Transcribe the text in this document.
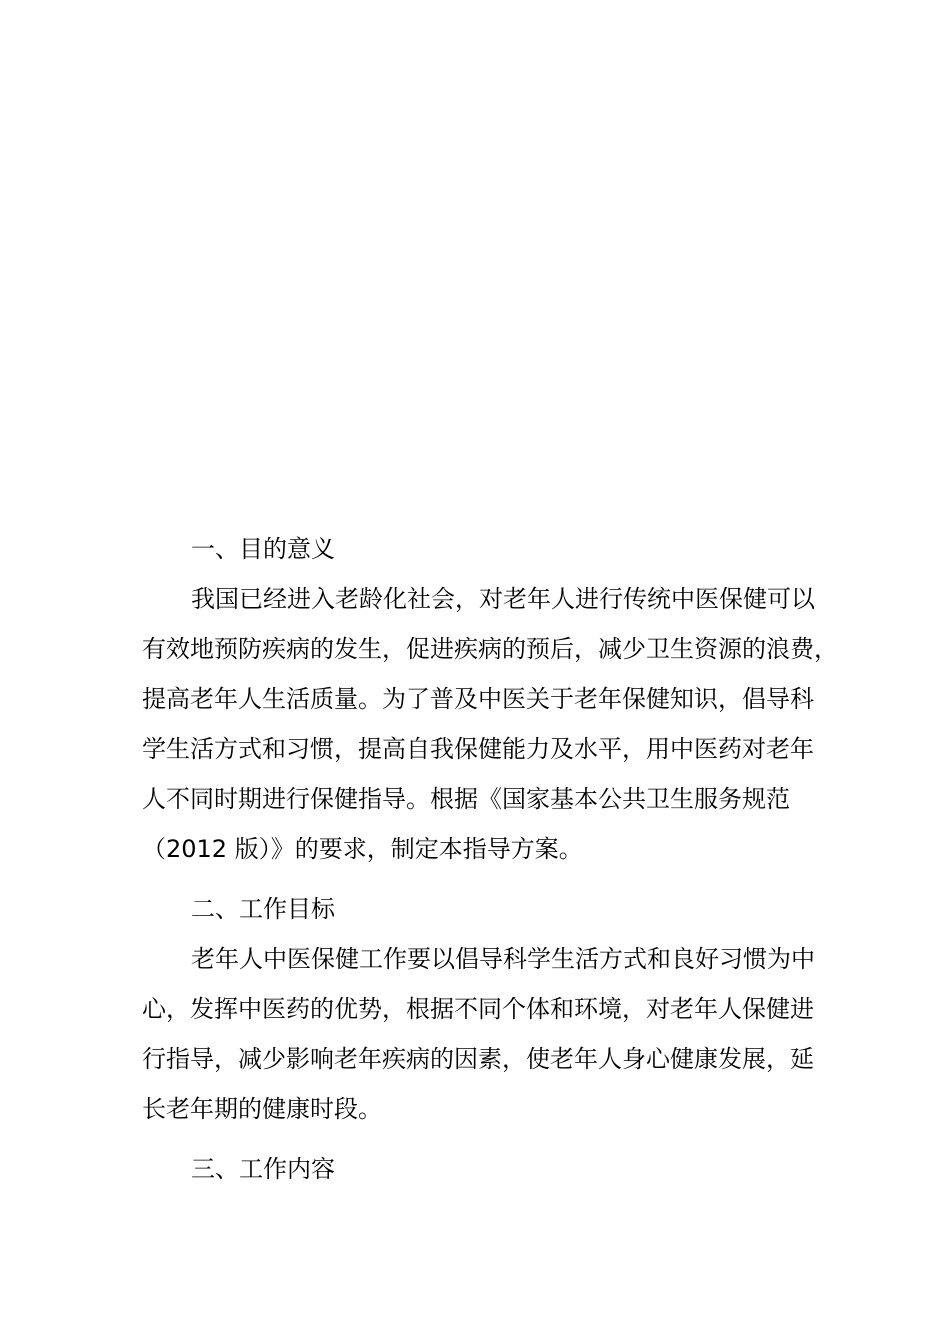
一、目的意义
我国已经进入老龄化社会，对老年人进行传统中医保健可以
有效地预防疾病的发生，促进疾病的预后，减少卫生资源的浪费，
提高老年人生活质量。为了普及中医关于老年保健知识，倡导科
学生活方式和习惯，提高自我保健能力及水平，用中医药对老年
人不同时期进行保健指导。根据《国家基本公共卫生服务规范
（2012 版）》的要求，制定本指导方案。
二、工作目标
老年人中医保健工作要以倡导科学生活方式和良好习惯为中
心，发挥中医药的优势，根据不同个体和环境，对老年人保健进
行指导，减少影响老年疾病的因素，使老年人身心健康发展，延
长老年期的健康时段。
三、工作内容
